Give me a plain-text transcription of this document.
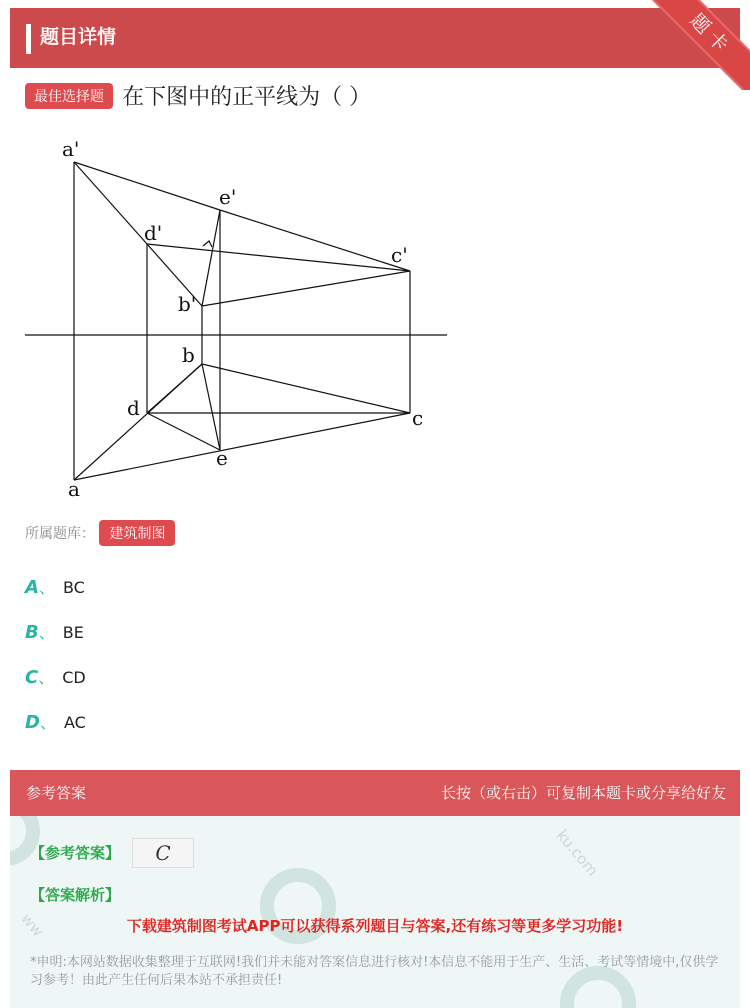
题目详情	题卡
最佳选择题 在下图中的正平线为（ ）
a'
e'
d'
c'
b'
b
d	c
e
a
所属题库： 建筑制图
A、 BC
B、 BE
C、 CD
D、 AC
参考答案	长按（或右击）可复制本题卡或分享给好友
ku.com
ww
【参考答案】	C
【答案解析】
下载建筑制图考试APP可以获得系列题目与答案,还有练习等更多学习功能!
*申明:本网站数据收集整理于互联网!我们并未能对答案信息进行核对!本信息不能用于生产、生活、考试等情境中,仅供学习参考！由此产生任何后果本站不承担责任!
